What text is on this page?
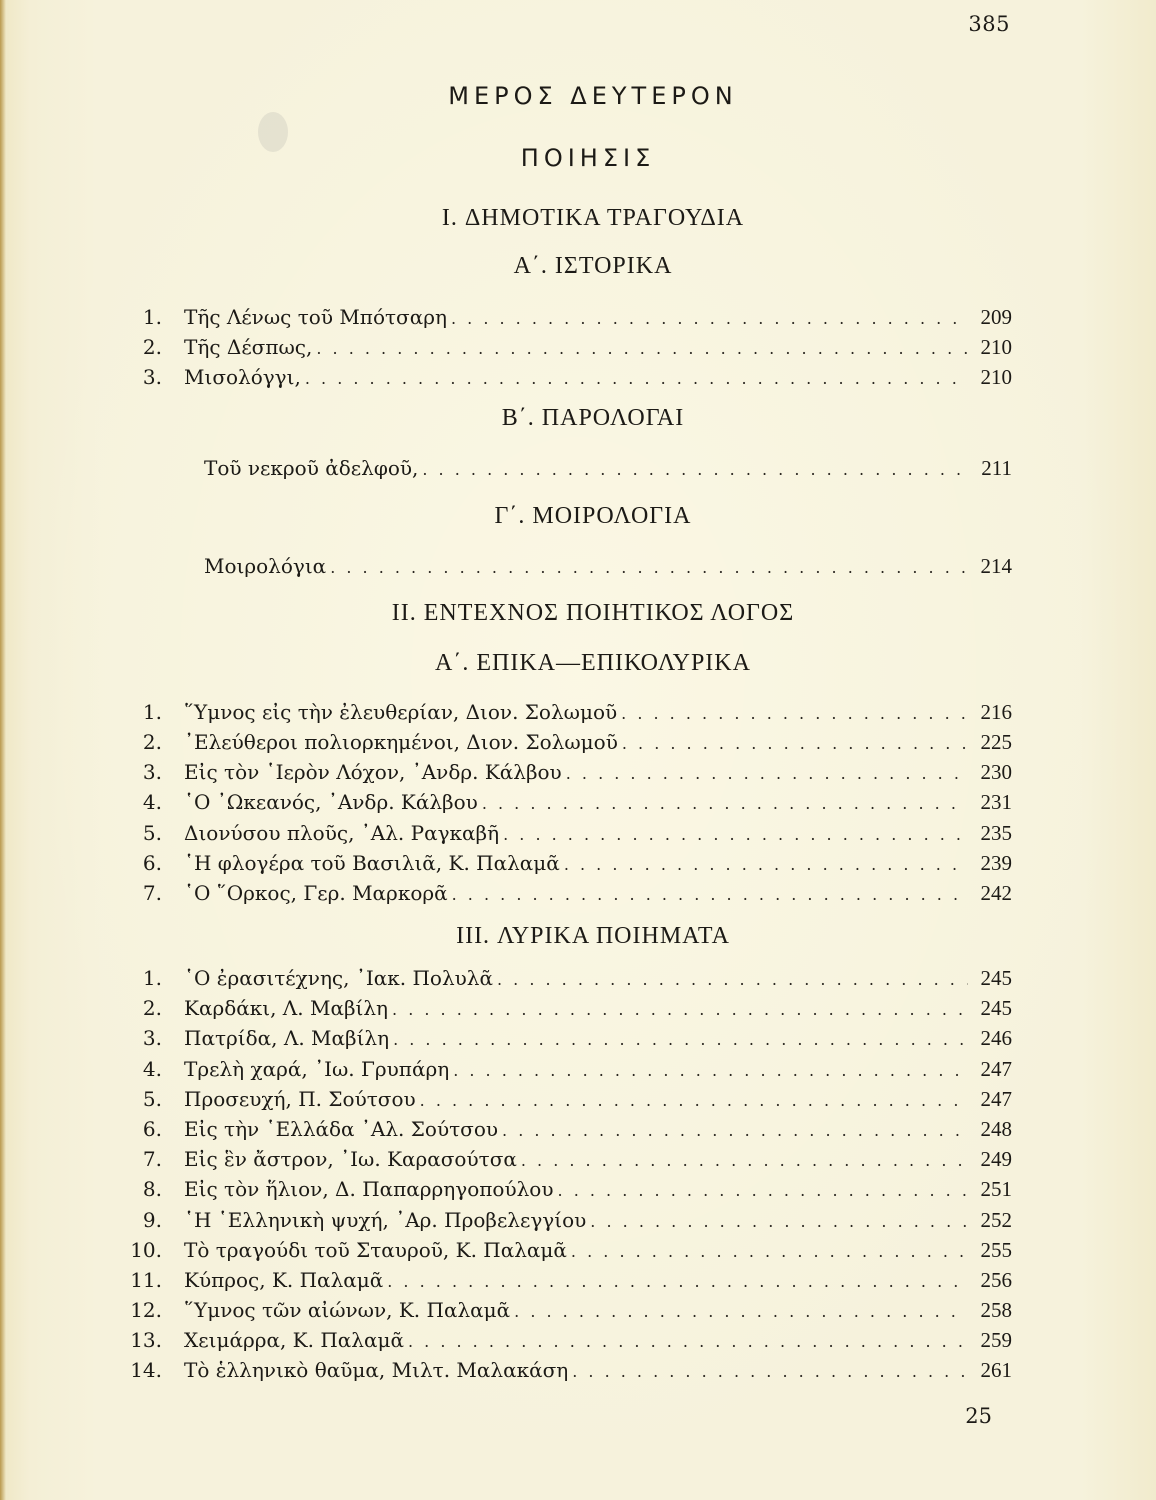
385
ΜΕΡΟΣ ΔΕΥΤΕΡΟΝ
ΠΟΙΗΣΙΣ
I. ΔΗΜΟΤΙΚΑ ΤΡΑΓΟΥΔΙΑ
Α΄. ΙΣΤΟΡΙΚΑ
1.	Τῆς Λένως τοῦ Μπότσαρη . . .	209
2.	Τῆς Δέσπως, . . .	210
3.	Μισολόγγι, . . .	210
Β΄. ΠΑΡΟΛΟΓΑΙ
Τοῦ νεκροῦ ἀδελφοῦ, . . .	211
Γ΄. ΜΟΙΡΟΛΟΓΙΑ
Μοιρολόγια . . .	214
II. ΕΝΤΕΧΝΟΣ ΠΟΙΗΤΙΚΟΣ ΛΟΓΟΣ
Α΄. ΕΠΙΚΑ—ΕΠΙΚΟΛΥΡΙΚΑ
1.	῞Υμνος εἰς τὴν ἐλευθερίαν, Διον. Σολωμοῦ . . .	216
2.	᾿Ελεύθεροι πολιορκημένοι, Διον. Σολωμοῦ . . .	225
3.	Εἰς τὸν ῾Ιερὸν Λόχον, ᾿Ανδρ. Κάλβου . . .	230
4.	῾Ο ᾿Ωκεανός, ᾿Ανδρ. Κάλβου . . .	231
5.	Διονύσου πλοῦς, ᾿Αλ. Ραγκαβῆ . . .	235
6.	῾Η φλογέρα τοῦ Βασιλιᾶ, Κ. Παλαμᾶ . . .	239
7.	῾Ο ῞Ορκος, Γερ. Μαρκορᾶ . . .	242
III. ΛΥΡΙΚΑ ΠΟΙΗΜΑΤΑ
1.	῾Ο ἐρασιτέχνης, ᾿Ιακ. Πολυλᾶ . . .	245
2.	Καρδάκι, Λ. Μαβίλη . . .	245
3.	Πατρίδα, Λ. Μαβίλη . . .	246
4.	Τρελὴ χαρά, ᾿Ιω. Γρυπάρη . . .	247
5.	Προσευχή, Π. Σούτσου . . .	247
6.	Εἰς τὴν ῾Ελλάδα ᾿Αλ. Σούτσου . . .	248
7.	Εἰς ἓν ἄστρον, ᾿Ιω. Καρασούτσα . . .	249
8.	Εἰς τὸν ἥλιον, Δ. Παπαρρηγοπούλου . . .	251
9.	῾Η ῾Ελληνικὴ ψυχή, ᾿Αρ. Προβελεγγίου . . .	252
10.	Τὸ τραγούδι τοῦ Σταυροῦ, Κ. Παλαμᾶ . . .	255
11.	Κύπρος, Κ. Παλαμᾶ . . .	256
12.	῞Υμνος τῶν αἰώνων, Κ. Παλαμᾶ . . .	258
13.	Χειμάρρα, Κ. Παλαμᾶ . . .	259
14.	Τὸ ἑλληνικὸ θαῦμα, Μιλτ. Μαλακάση . . .	261
25
